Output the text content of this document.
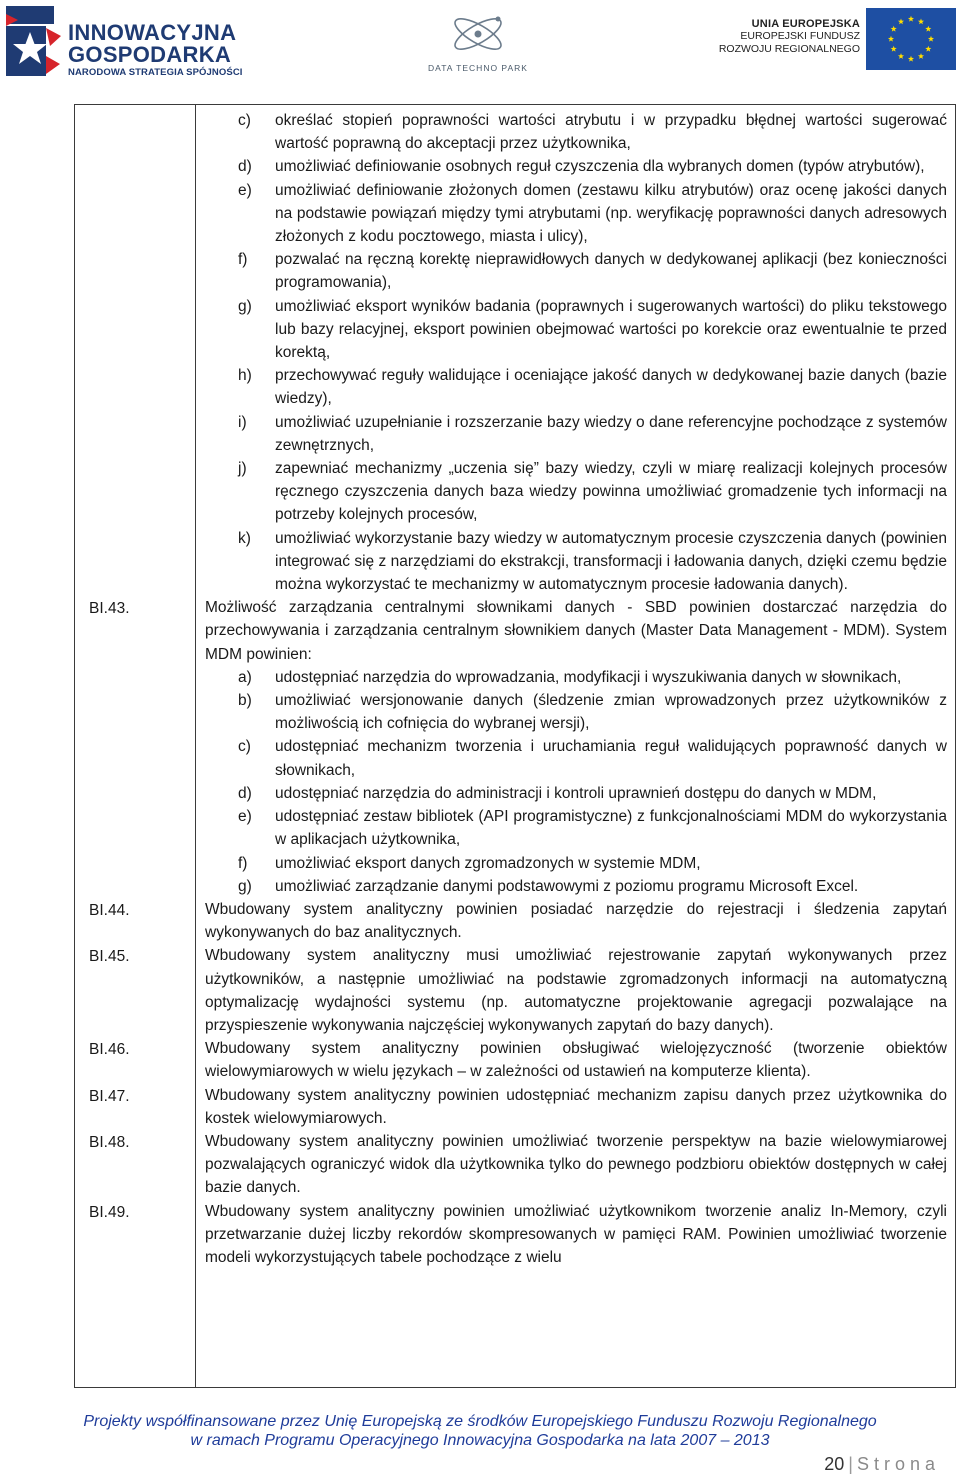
INNOWACYJNA
GOSPODARKA
NARODOWA STRATEGIA SPÓJNOŚCI	DATA TECHNO PARK
UNIA EUROPEJSKA
EUROPEJSKI FUNDUSZ
ROZWOJU REGIONALNEGO
c) określać stopień poprawności wartości atrybutu i w przypadku błędnej wartości sugerować wartość poprawną do akceptacji przez użytkownika,
d) umożliwiać definiowanie osobnych reguł czyszczenia dla wybranych domen (typów atrybutów),
e) umożliwiać definiowanie złożonych domen (zestawu kilku atrybutów) oraz ocenę jakości danych na podstawie powiązań między tymi atrybutami (np. weryfikację poprawności danych adresowych złożonych z kodu pocztowego, miasta i ulicy),
f) pozwalać na ręczną korektę nieprawidłowych danych w dedykowanej aplikacji (bez konieczności programowania),
g) umożliwiać eksport wyników badania (poprawnych i sugerowanych wartości) do pliku tekstowego lub bazy relacyjnej, eksport powinien obejmować wartości po korekcie oraz ewentualnie te przed korektą,
h) przechowywać reguły walidujące i oceniające jakość danych w dedykowanej bazie danych (bazie wiedzy),
i) umożliwiać uzupełnianie i rozszerzanie bazy wiedzy o dane referencyjne pochodzące z systemów zewnętrznych,
j) zapewniać mechanizmy „uczenia się” bazy wiedzy, czyli w miarę realizacji kolejnych procesów ręcznego czyszczenia danych baza wiedzy powinna umożliwiać gromadzenie tych informacji na potrzeby kolejnych procesów,
k) umożliwiać wykorzystanie bazy wiedzy w automatycznym procesie czyszczenia danych (powinien integrować się z narzędziami do ekstrakcji, transformacji i ładowania danych, dzięki czemu będzie można wykorzystać te mechanizmy w automatycznym procesie ładowania danych).
Możliwość zarządzania centralnymi słownikami danych - SBD powinien dostarczać narzędzia do przechowywania i zarządzania centralnym słownikiem danych (Master Data Management - MDM). System MDM powinien:
a) udostępniać narzędzia do wprowadzania, modyfikacji i wyszukiwania danych w słownikach,
b) umożliwiać wersjonowanie danych (śledzenie zmian wprowadzonych przez użytkowników z możliwością ich cofnięcia do wybranej wersji),
c) udostępniać mechanizm tworzenia i uruchamiania reguł walidujących poprawność danych w słownikach,
d) udostępniać narzędzia do administracji i kontroli uprawnień dostępu do danych w MDM,
e) udostępniać zestaw bibliotek (API programistyczne) z funkcjonalnościami MDM do wykorzystania w aplikacjach użytkownika,
f) umożliwiać eksport danych zgromadzonych w systemie MDM,
g) umożliwiać zarządzanie danymi podstawowymi z poziomu programu Microsoft Excel.
Wbudowany system analityczny powinien posiadać narzędzie do rejestracji i śledzenia zapytań wykonywanych do baz analitycznych.
Wbudowany system analityczny musi umożliwiać rejestrowanie zapytań wykonywanych przez użytkowników, a następnie umożliwiać na podstawie zgromadzonych informacji na automatyczną optymalizację wydajności systemu (np. automatyczne projektowanie agregacji pozwalające na przyspieszenie wykonywania najczęściej wykonywanych zapytań do bazy danych).
Wbudowany system analityczny powinien obsługiwać wielojęzyczność (tworzenie obiektów wielowymiarowych w wielu językach – w zależności od ustawień na komputerze klienta).
Wbudowany system analityczny powinien udostępniać mechanizm zapisu danych przez użytkownika do kostek wielowymiarowych.
Wbudowany system analityczny powinien umożliwiać tworzenie perspektyw na bazie wielowymiarowej pozwalających ograniczyć widok dla użytkownika tylko do pewnego podzbioru obiektów dostępnych w całej bazie danych.
Wbudowany system analityczny powinien umożliwiać użytkownikom tworzenie analiz In-Memory, czyli przetwarzanie dużej liczby rekordów skompresowanych w pamięci RAM. Powinien umożliwiać tworzenie modeli wykorzystujących tabele pochodzące z wielu
BI.43.
BI.44.
BI.45.
BI.46.
BI.47.
BI.48.
BI.49.
Projekty współfinansowane przez Unię Europejską ze środków Europejskiego Funduszu Rozwoju Regionalnego
w ramach Programu Operacyjnego Innowacyjna Gospodarka na lata 2007 – 2013
20 | Strona
